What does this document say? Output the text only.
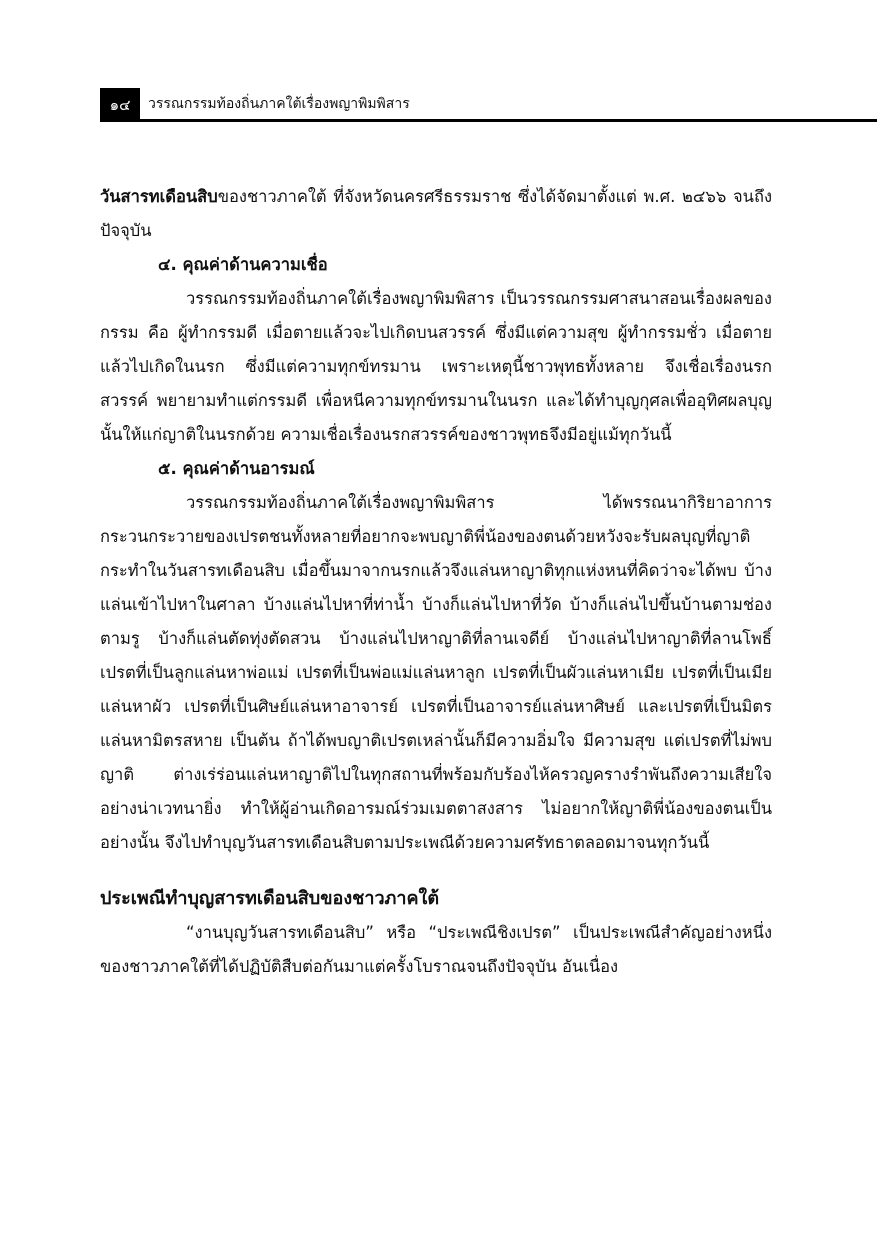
๑๔	วรรณกรรมท้องถิ่นภาคใต้เรื่องพญาพิมพิสาร

วันสารทเดือนสิบของชาวภาคใต้ ที่จังหวัดนครศรีธรรมราช ซึ่งได้จัดมาตั้งแต่ พ.ศ. ๒๔๖๖ จนถึงปัจจุบัน

๔. คุณค่าด้านความเชื่อ

วรรณกรรมท้องถิ่นภาคใต้เรื่องพญาพิมพิสาร เป็นวรรณกรรมศาสนาสอนเรื่องผลของกรรม คือ ผู้ทำกรรมดี เมื่อตายแล้วจะไปเกิดบนสวรรค์ ซึ่งมีแต่ความสุข ผู้ทำกรรมชั่ว เมื่อตายแล้วไปเกิดในนรก ซึ่งมีแต่ความทุกข์ทรมาน เพราะเหตุนี้ชาวพุทธทั้งหลาย จึงเชื่อเรื่องนรกสวรรค์ พยายามทำแต่กรรมดี เพื่อหนีความทุกข์ทรมานในนรก และได้ทำบุญกุศลเพื่ออุทิศผลบุญนั้นให้แก่ญาติในนรกด้วย ความเชื่อเรื่องนรกสวรรค์ของชาวพุทธจึงมีอยู่แม้ทุกวันนี้

๕. คุณค่าด้านอารมณ์

วรรณกรรมท้องถิ่นภาคใต้เรื่องพญาพิมพิสาร ได้พรรณนากิริยาอาการกระวนกระวายของเปรตชนทั้งหลายที่อยากจะพบญาติพี่น้องของตนด้วยหวังจะรับผลบุญที่ญาติกระทำในวันสารทเดือนสิบ เมื่อขึ้นมาจากนรกแล้วจึงแล่นหาญาติทุกแห่งหนที่คิดว่าจะได้พบ บ้างแล่นเข้าไปหาในศาลา บ้างแล่นไปหาที่ท่าน้ำ บ้างก็แล่นไปหาที่วัด บ้างก็แล่นไปขึ้นบ้านตามช่องตามรู บ้างก็แล่นตัดทุ่งตัดสวน บ้างแล่นไปหาญาติที่ลานเจดีย์ บ้างแล่นไปหาญาติที่ลานโพธิ์ เปรตที่เป็นลูกแล่นหาพ่อแม่ เปรตที่เป็นพ่อแม่แล่นหาลูก เปรตที่เป็นผัวแล่นหาเมีย เปรตที่เป็นเมียแล่นหาผัว เปรตที่เป็นศิษย์แล่นหาอาจารย์ เปรตที่เป็นอาจารย์แล่นหาศิษย์ และเปรตที่เป็นมิตรแล่นหามิตรสหาย เป็นต้น ถ้าได้พบญาติเปรตเหล่านั้นก็มีความอิ่มใจ มีความสุข แต่เปรตที่ไม่พบญาติ ต่างเร่ร่อนแล่นหาญาติไปในทุกสถานที่พร้อมกับร้องไห้ครวญครางรำพันถึงความเสียใจอย่างน่าเวทนายิ่ง ทำให้ผู้อ่านเกิดอารมณ์ร่วมเมตตาสงสาร ไม่อยากให้ญาติพี่น้องของตนเป็นอย่างนั้น จึงไปทำบุญวันสารทเดือนสิบตามประเพณีด้วยความศรัทธาตลอดมาจนทุกวันนี้

ประเพณีทำบุญสารทเดือนสิบของชาวภาคใต้

“งานบุญวันสารทเดือนสิบ” หรือ “ประเพณีชิงเปรต” เป็นประเพณีสำคัญอย่างหนึ่งของชาวภาคใต้ที่ได้ปฏิบัติสืบต่อกันมาแต่ครั้งโบราณจนถึงปัจจุบัน อันเนื่อง
